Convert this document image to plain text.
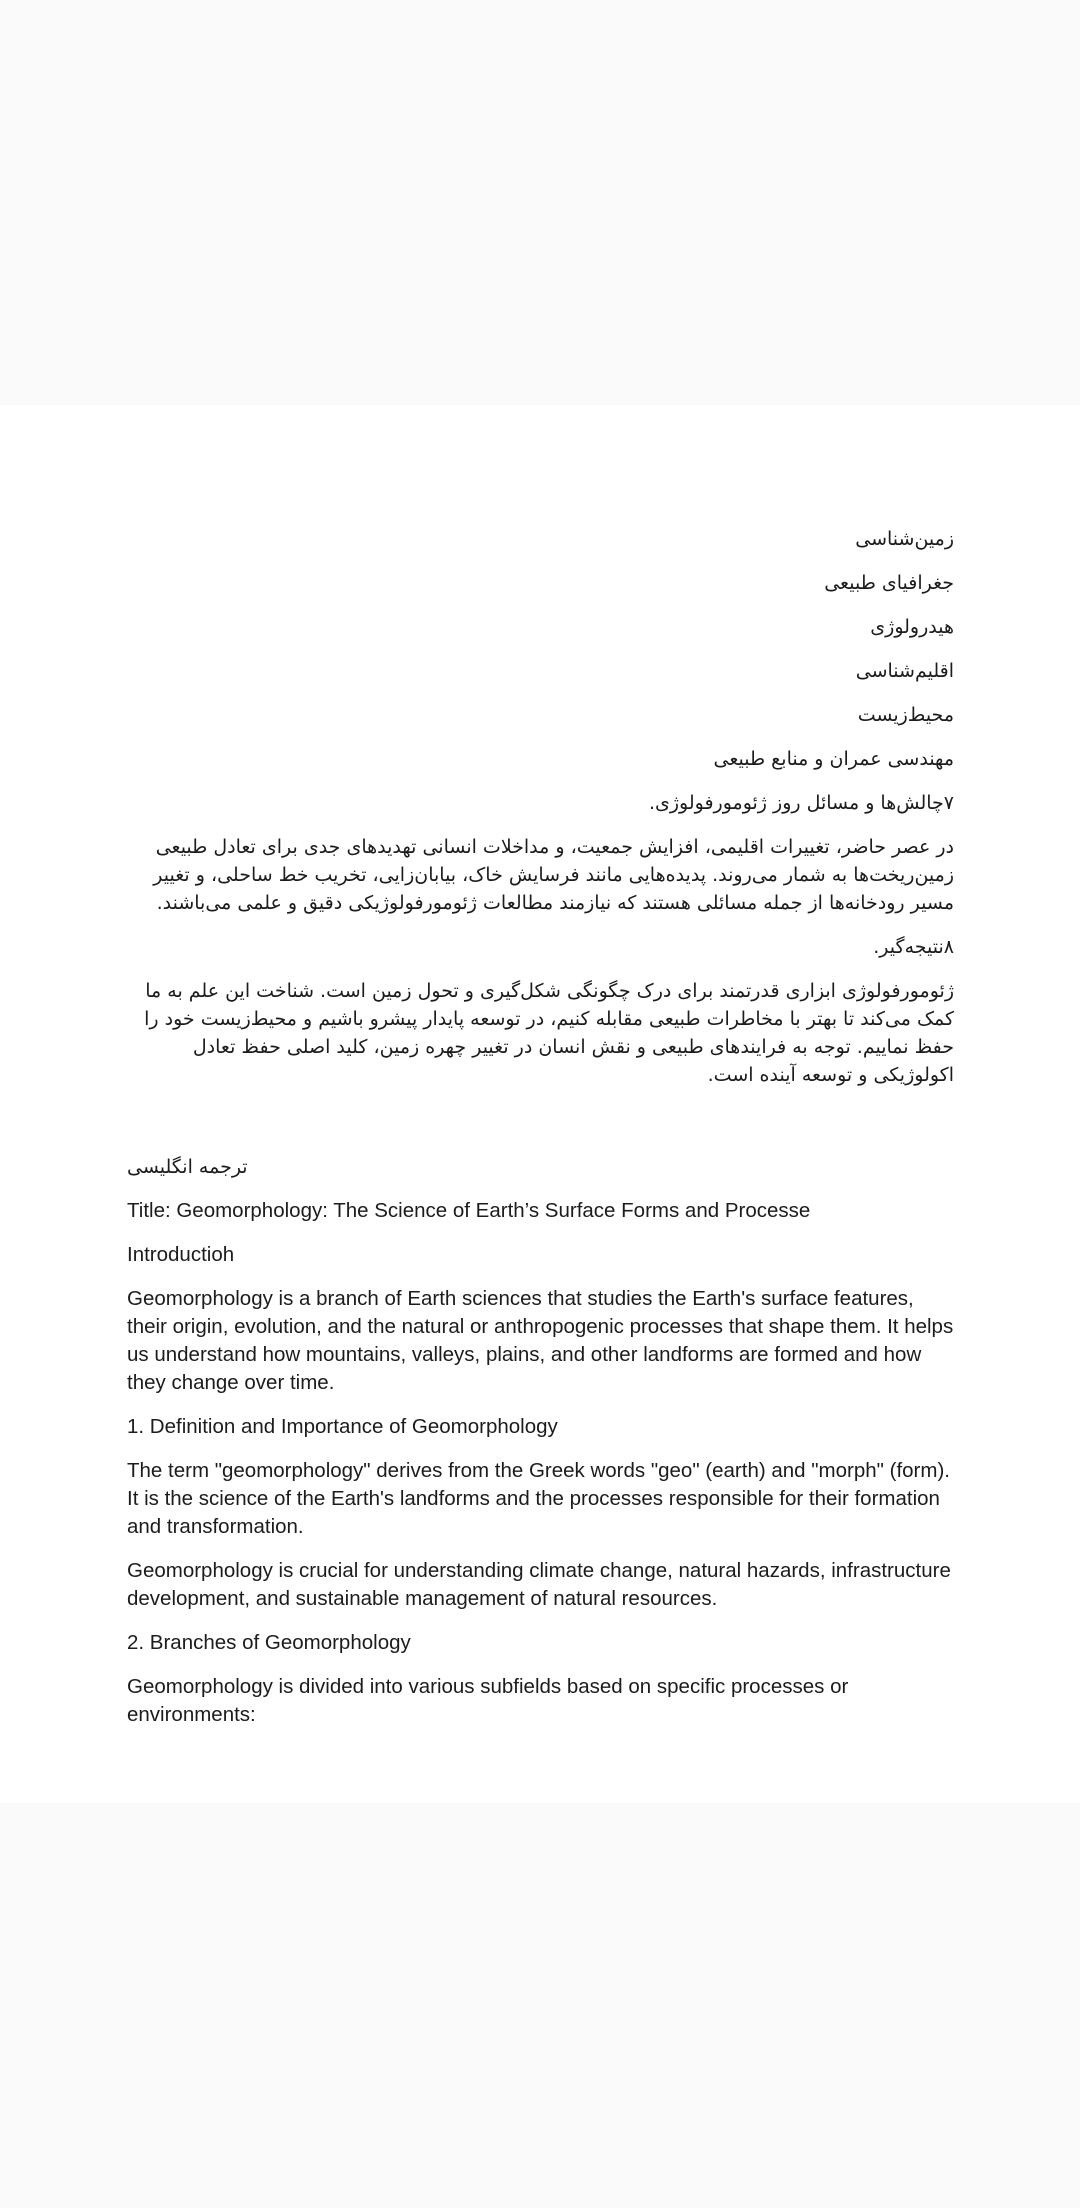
زمین‌شناسی

جغرافیای طبیعی

هیدرولوژی

اقلیم‌شناسی

محیط‌زیست

مهندسی عمران و منابع طبیعی

۷چالش‌ها و مسائل روز ژئومورفولوژی.

در عصر حاضر، تغییرات اقلیمی، افزایش جمعیت، و مداخلات انسانی تهدیدهای جدی برای تعادل طبیعی زمین‌ریخت‌ها به شمار می‌روند. پدیده‌هایی مانند فرسایش خاک، بیابان‌زایی، تخریب خط ساحلی، و تغییر مسیر رودخانه‌ها از جمله مسائلی هستند که نیازمند مطالعات ژئومورفولوژیکی دقیق و علمی می‌باشند.

۸نتیجه‌گیر.

ژئومورفولوژی ابزاری قدرتمند برای درک چگونگی شکل‌گیری و تحول زمین است. شناخت این علم به ما کمک می‌کند تا بهتر با مخاطرات طبیعی مقابله کنیم، در توسعه پایدار پیشرو باشیم و محیط‌زیست خود را حفظ نماییم. توجه به فرایندهای طبیعی و نقش انسان در تغییر چهره زمین، کلید اصلی حفظ تعادل اکولوژیکی و توسعه آینده است.

ترجمه انگلیسی

Title: Geomorphology: The Science of Earth’s Surface Forms and Processe

Introductioh

Geomorphology is a branch of Earth sciences that studies the Earth's surface features, their origin, evolution, and the natural or anthropogenic processes that shape them. It helps us understand how mountains, valleys, plains, and other landforms are formed and how they change over time.

1. Definition and Importance of Geomorphology

The term "geomorphology" derives from the Greek words "geo" (earth) and "morph" (form). It is the science of the Earth's landforms and the processes responsible for their formation and transformation.

Geomorphology is crucial for understanding climate change, natural hazards, infrastructure development, and sustainable management of natural resources.

2. Branches of Geomorphology

Geomorphology is divided into various subfields based on specific processes or environments:
